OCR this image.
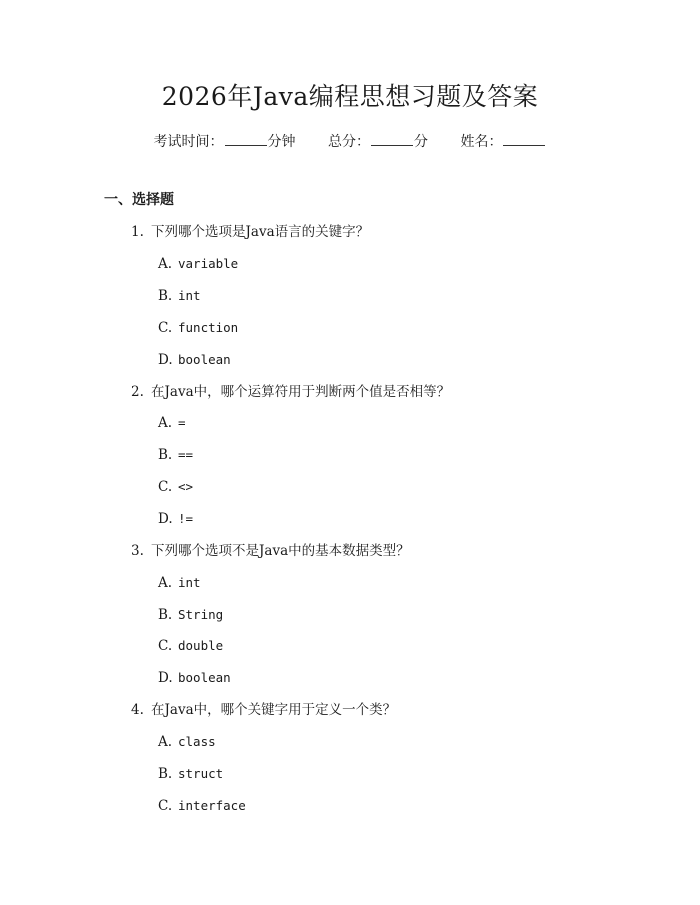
2026年Java编程思想习题及答案
考试时间：	分钟 总分：	分 姓名：
一、选择题
1. 下列哪个选项是Java语言的关键字？
A. variable
B. int
C. function
D. boolean
2. 在Java中，哪个运算符用于判断两个值是否相等？
A. =
B. ==
C. <>
D. !=
3. 下列哪个选项不是Java中的基本数据类型？
A. int
B. String
C. double
D. boolean
4. 在Java中，哪个关键字用于定义一个类？
A. class
B. struct
C. interface
